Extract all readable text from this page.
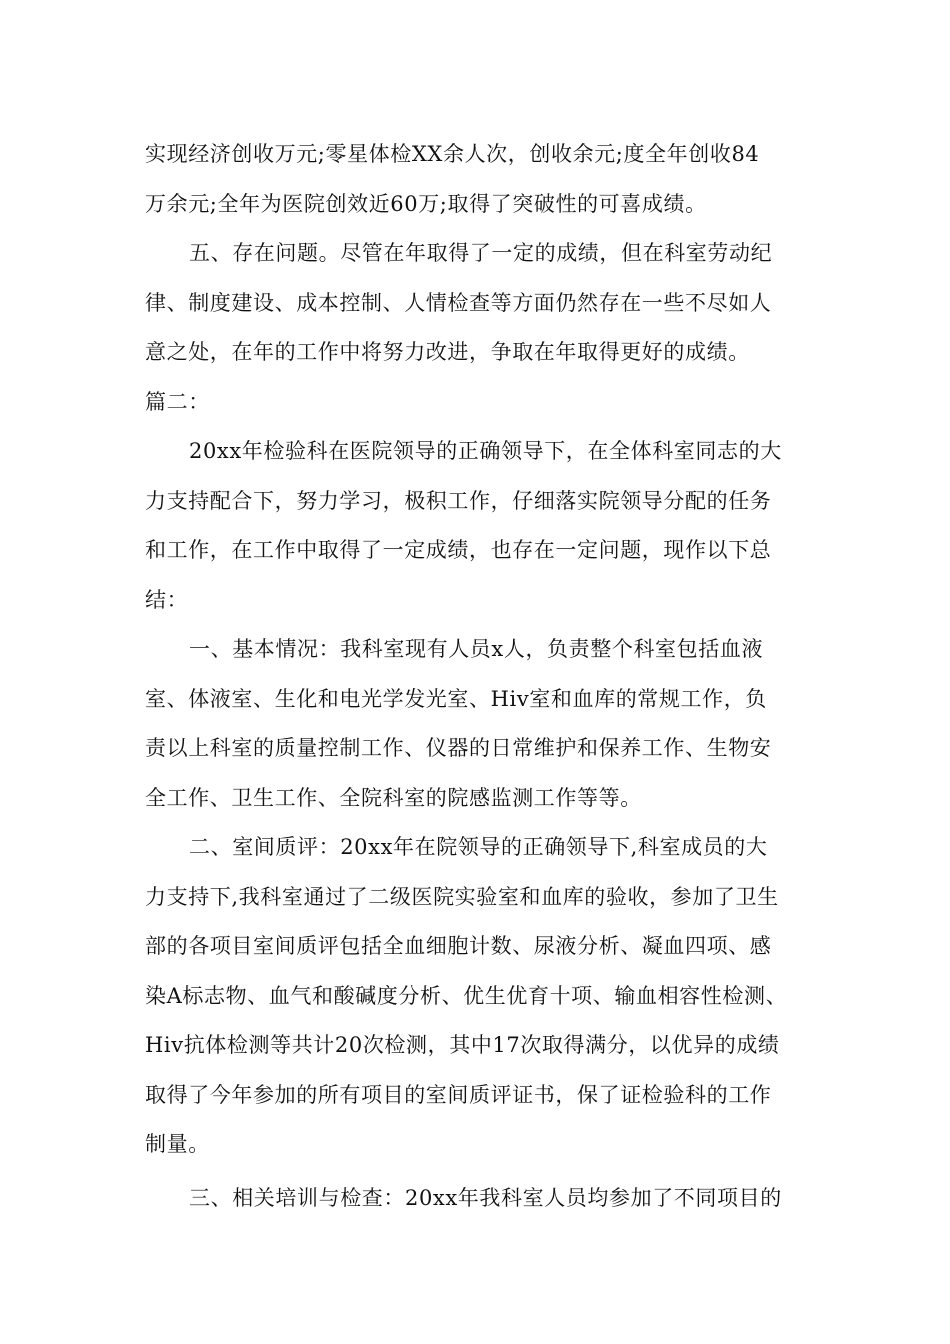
实现经济创收万元;零星体检XX余人次，创收余元;度全年创收84
万余元;全年为医院创效近60万;取得了突破性的可喜成绩。
五、存在问题。尽管在年取得了一定的成绩，但在科室劳动纪
律、制度建设、成本控制、人情检查等方面仍然存在一些不尽如人
意之处，在年的工作中将努力改进，争取在年取得更好的成绩。
篇二：
20xx年检验科在医院领导的正确领导下，在全体科室同志的大
力支持配合下，努力学习，极积工作，仔细落实院领导分配的任务
和工作，在工作中取得了一定成绩，也存在一定问题，现作以下总
结：
一、基本情况：我科室现有人员x人，负责整个科室包括血液
室、体液室、生化和电光学发光室、Hiv室和血库的常规工作，负
责以上科室的质量控制工作、仪器的日常维护和保养工作、生物安
全工作、卫生工作、全院科室的院感监测工作等等。
二、室间质评：20xx年在院领导的正确领导下,科室成员的大
力支持下,我科室通过了二级医院实验室和血库的验收，参加了卫生
部的各项目室间质评包括全血细胞计数、尿液分析、凝血四项、感
染A标志物、血气和酸碱度分析、优生优育十项、输血相容性检测、
Hiv抗体检测等共计20次检测，其中17次取得满分，以优异的成绩
取得了今年参加的所有项目的室间质评证书，保了证检验科的工作
制量。
三、相关培训与检查：20xx年我科室人员均参加了不同项目的
